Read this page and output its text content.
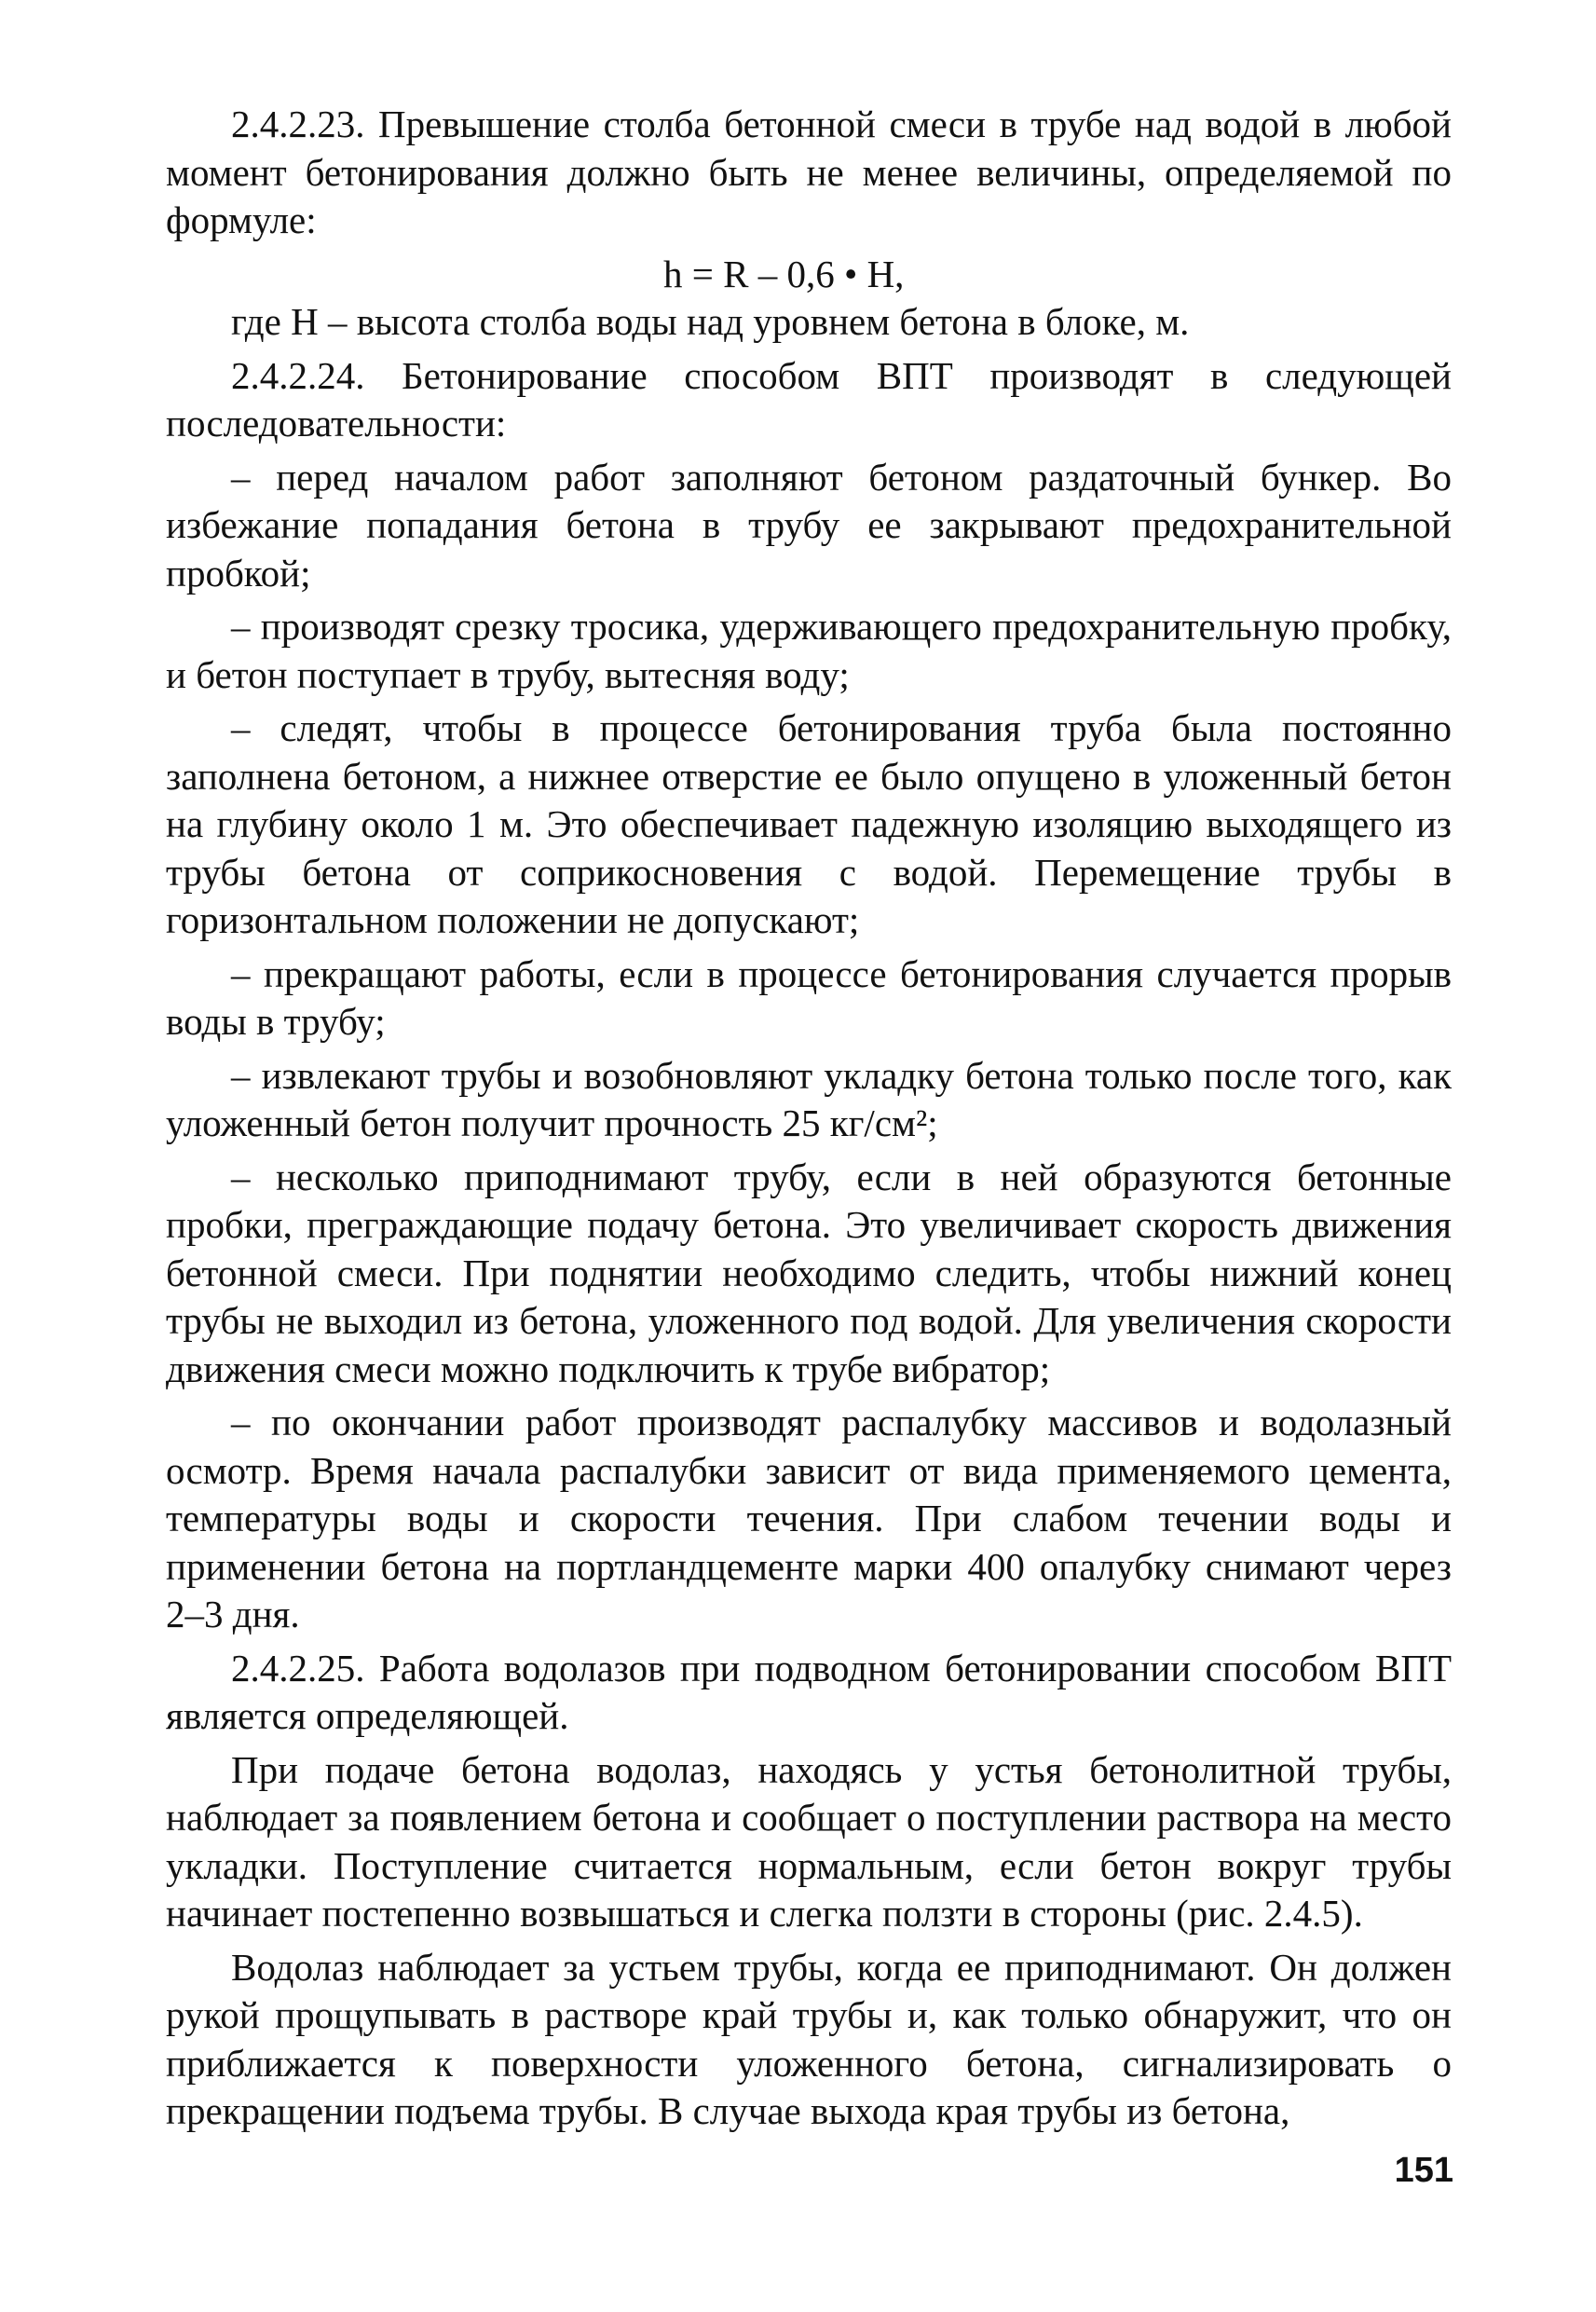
2.4.2.23. Превышение столба бетонной смеси в трубе над водой в любой момент бетонирования должно быть не менее величины, определяемой по формуле:

h = R – 0,6 • H,

где H – высота столба воды над уровнем бетона в блоке, м.

2.4.2.24. Бетонирование способом ВПТ производят в следующей последовательности:

– перед началом работ заполняют бетоном раздаточный бункер. Во избежание попадания бетона в трубу ее закрывают предохранительной пробкой;

– производят срезку тросика, удерживающего предохранительную пробку, и бетон поступает в трубу, вытесняя воду;

– следят, чтобы в процессе бетонирования труба была постоянно заполнена бетоном, а нижнее отверстие ее было опущено в уложенный бетон на глубину около 1 м. Это обеспечивает падежную изоляцию выходящего из трубы бетона от соприкосновения с водой. Перемещение трубы в горизонтальном положении не допускают;

– прекращают работы, если в процессе бетонирования случается прорыв воды в трубу;

– извлекают трубы и возобновляют укладку бетона только после того, как уложенный бетон получит прочность 25 кг/см²;

– несколько приподнимают трубу, если в ней образуются бетонные пробки, преграждающие подачу бетона. Это увеличивает скорость движения бетонной смеси. При поднятии необходимо следить, чтобы нижний конец трубы не выходил из бетона, уложенного под водой. Для увеличения скорости движения смеси можно подключить к трубе вибратор;

– по окончании работ производят распалубку массивов и водолазный осмотр. Время начала распалубки зависит от вида применяемого цемента, температуры воды и скорости течения. При слабом течении воды и применении бетона на портландцементе марки 400 опалубку снимают через 2–3 дня.

2.4.2.25. Работа водолазов при подводном бетонировании способом ВПТ является определяющей.

При подаче бетона водолаз, находясь у устья бетонолитной трубы, наблюдает за появлением бетона и сообщает о поступлении раствора на место укладки. Поступление считается нормальным, если бетон вокруг трубы начинает постепенно возвышаться и слегка ползти в стороны (рис. 2.4.5).

Водолаз наблюдает за устьем трубы, когда ее приподнимают. Он должен рукой прощупывать в растворе край трубы и, как только обнаружит, что он приближается к поверхности уложенного бетона, сигнализировать о прекращении подъема трубы. В случае выхода края трубы из бетона,

151
